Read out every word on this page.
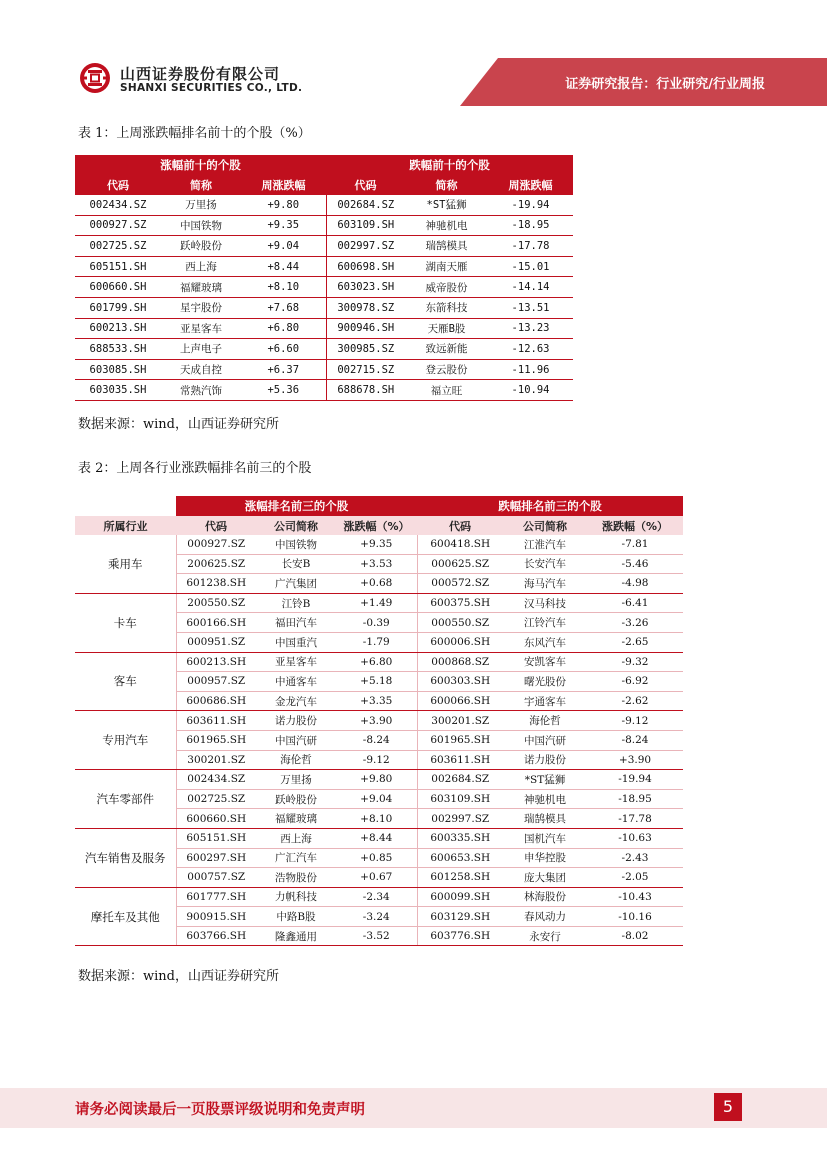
山西证券股份有限公司
SHANXI SECURITIES CO., LTD.	证券研究报告：行业研究/行业周报
表 1：上周涨跌幅排名前十的个股（%）
涨幅前十的个股			跌幅前十的个股		
代码	简称	周涨跌幅	代码	简称	周涨跌幅
002434.SZ	万里扬	+9.80	002684.SZ	*ST猛狮	-19.94
000927.SZ	中国铁物	+9.35	603109.SH	神驰机电	-18.95
002725.SZ	跃岭股份	+9.04	002997.SZ	瑞鹄模具	-17.78
605151.SH	西上海	+8.44	600698.SH	湖南天雁	-15.01
600660.SH	福耀玻璃	+8.10	603023.SH	威帝股份	-14.14
601799.SH	星宇股份	+7.68	300978.SZ	东箭科技	-13.51
600213.SH	亚星客车	+6.80	900946.SH	天雁B股	-13.23
688533.SH	上声电子	+6.60	300985.SZ	致远新能	-12.63
603085.SH	天成自控	+6.37	002715.SZ	登云股份	-11.96
603035.SH	常熟汽饰	+5.36	688678.SH	福立旺	-10.94
数据来源：wind，山西证券研究所
表 2：上周各行业涨跌幅排名前三的个股
	涨幅排名前三的个股			跌幅排名前三的个股		
所属行业	代码	公司简称	涨跌幅（%）	代码	公司简称	涨跌幅（%）
乘用车	000927.SZ	中国铁物	+9.35	600418.SH	江淮汽车	-7.81
	200625.SZ	长安B	+3.53	000625.SZ	长安汽车	-5.46
	601238.SH	广汽集团	+0.68	000572.SZ	海马汽车	-4.98
卡车	200550.SZ	江铃B	+1.49	600375.SH	汉马科技	-6.41
	600166.SH	福田汽车	-0.39	000550.SZ	江铃汽车	-3.26
	000951.SZ	中国重汽	-1.79	600006.SH	东风汽车	-2.65
客车	600213.SH	亚星客车	+6.80	000868.SZ	安凯客车	-9.32
	000957.SZ	中通客车	+5.18	600303.SH	曙光股份	-6.92
	600686.SH	金龙汽车	+3.35	600066.SH	宇通客车	-2.62
专用汽车	603611.SH	诺力股份	+3.90	300201.SZ	海伦哲	-9.12
	601965.SH	中国汽研	-8.24	601965.SH	中国汽研	-8.24
	300201.SZ	海伦哲	-9.12	603611.SH	诺力股份	+3.90
汽车零部件	002434.SZ	万里扬	+9.80	002684.SZ	*ST猛狮	-19.94
	002725.SZ	跃岭股份	+9.04	603109.SH	神驰机电	-18.95
	600660.SH	福耀玻璃	+8.10	002997.SZ	瑞鹄模具	-17.78
汽车销售及服务	605151.SH	西上海	+8.44	600335.SH	国机汽车	-10.63
	600297.SH	广汇汽车	+0.85	600653.SH	申华控股	-2.43
	000757.SZ	浩物股份	+0.67	601258.SH	庞大集团	-2.05
摩托车及其他	601777.SH	力帆科技	-2.34	600099.SH	林海股份	-10.43
	900915.SH	中路B股	-3.24	603129.SH	春风动力	-10.16
	603766.SH	隆鑫通用	-3.52	603776.SH	永安行	-8.02
数据来源：wind，山西证券研究所
请务必阅读最后一页股票评级说明和免责声明	5
